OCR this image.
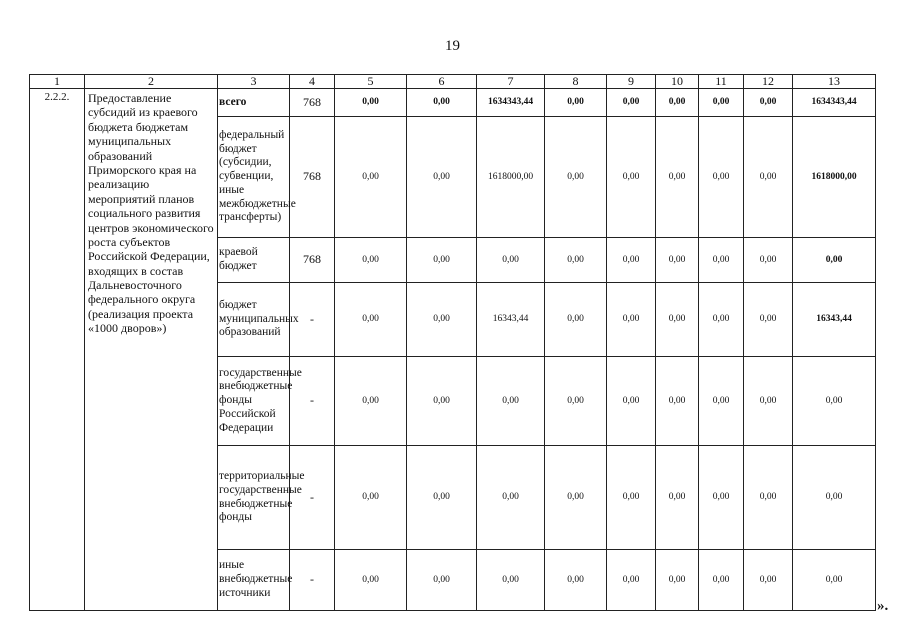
19
1	2	3	4	5	6	7	8	9	10	11	12	13
2.2.2.	Предоставление субсидий из краевого бюджета бюджетам муниципальных образований Приморского края на реализацию мероприятий планов социального развития центров экономического роста субъектов Российской Федерации, входящих в состав Дальневосточного федерального округа (реализация проекта «1000 дворов»)	всего	768	0,00	0,00	1634343,44	0,00	0,00	0,00	0,00	0,00	1634343,44
		федеральный бюджет (субсидии, субвенции, иные межбюджетные трансферты)	768	0,00	0,00	1618000,00	0,00	0,00	0,00	0,00	0,00	1618000,00
		краевой бюджет	768	0,00	0,00	0,00	0,00	0,00	0,00	0,00	0,00	0,00
		бюджет муниципальных образований	-	0,00	0,00	16343,44	0,00	0,00	0,00	0,00	0,00	16343,44
		государственные внебюджетные фонды Российской Федерации	-	0,00	0,00	0,00	0,00	0,00	0,00	0,00	0,00	0,00
		территориальные государственные внебюджетные фонды	-	0,00	0,00	0,00	0,00	0,00	0,00	0,00	0,00	0,00
		иные внебюджетные источники	-	0,00	0,00	0,00	0,00	0,00	0,00	0,00	0,00	0,00
».
